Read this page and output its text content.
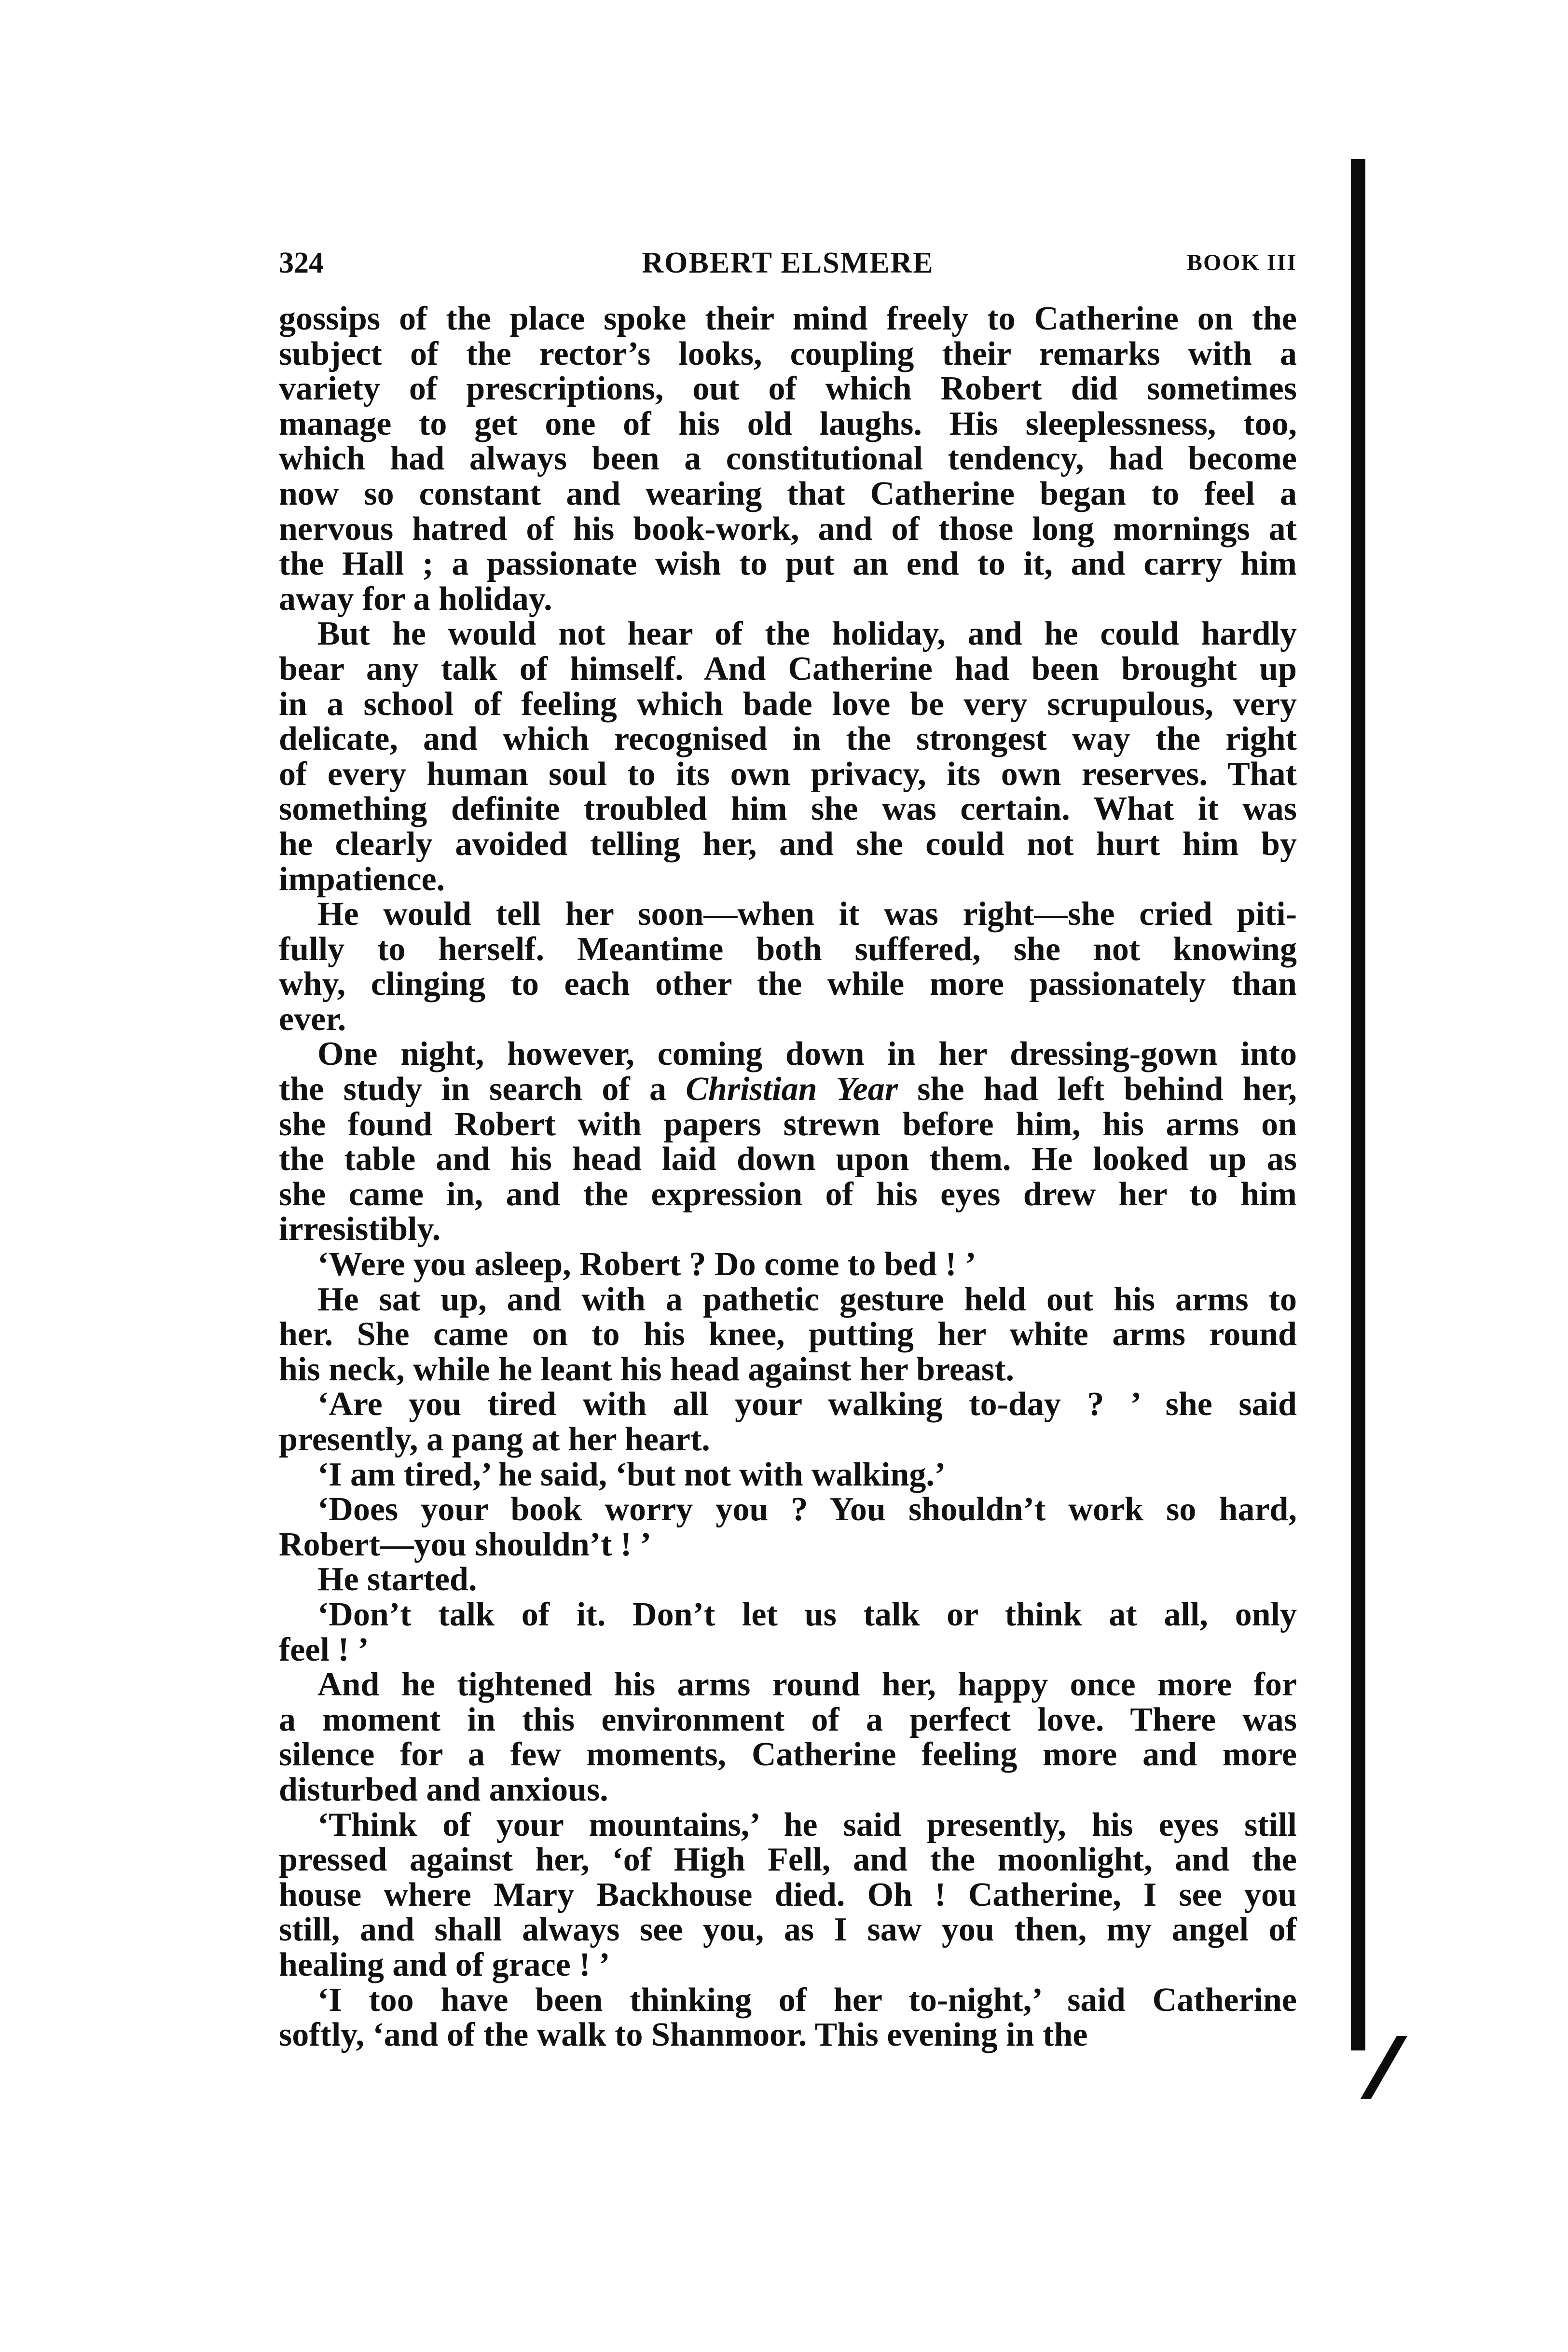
324	ROBERT ELSMERE	BOOK III
gossips of the place spoke their mind freely to Catherine on the
subject of the rector’s looks, coupling their remarks with a
variety of prescriptions, out of which Robert did sometimes
manage to get one of his old laughs. His sleeplessness, too,
which had always been a constitutional tendency, had become
now so constant and wearing that Catherine began to feel a
nervous hatred of his book-work, and of those long mornings at
the Hall ; a passionate wish to put an end to it, and carry him
away for a holiday.
But he would not hear of the holiday, and he could hardly
bear any talk of himself. And Catherine had been brought up
in a school of feeling which bade love be very scrupulous, very
delicate, and which recognised in the strongest way the right
of every human soul to its own privacy, its own reserves. That
something definite troubled him she was certain. What it was
he clearly avoided telling her, and she could not hurt him by
impatience.
He would tell her soon—when it was right—she cried piti-
fully to herself. Meantime both suffered, she not knowing
why, clinging to each other the while more passionately than
ever.
One night, however, coming down in her dressing-gown into
the study in search of a Christian Year she had left behind her,
she found Robert with papers strewn before him, his arms on
the table and his head laid down upon them. He looked up as
she came in, and the expression of his eyes drew her to him
irresistibly.
‘Were you asleep, Robert ? Do come to bed ! ’
He sat up, and with a pathetic gesture held out his arms to
her. She came on to his knee, putting her white arms round
his neck, while he leant his head against her breast.
‘Are you tired with all your walking to-day ? ’ she said
presently, a pang at her heart.
‘I am tired,’ he said, ‘but not with walking.’
‘Does your book worry you ? You shouldn’t work so hard,
Robert—you shouldn’t ! ’
He started.
‘Don’t talk of it. Don’t let us talk or think at all, only
feel ! ’
And he tightened his arms round her, happy once more for
a moment in this environment of a perfect love. There was
silence for a few moments, Catherine feeling more and more
disturbed and anxious.
‘Think of your mountains,’ he said presently, his eyes still
pressed against her, ‘of High Fell, and the moonlight, and the
house where Mary Backhouse died. Oh ! Catherine, I see you
still, and shall always see you, as I saw you then, my angel of
healing and of grace ! ’
‘I too have been thinking of her to-night,’ said Catherine
softly, ‘and of the walk to Shanmoor. This evening in the
